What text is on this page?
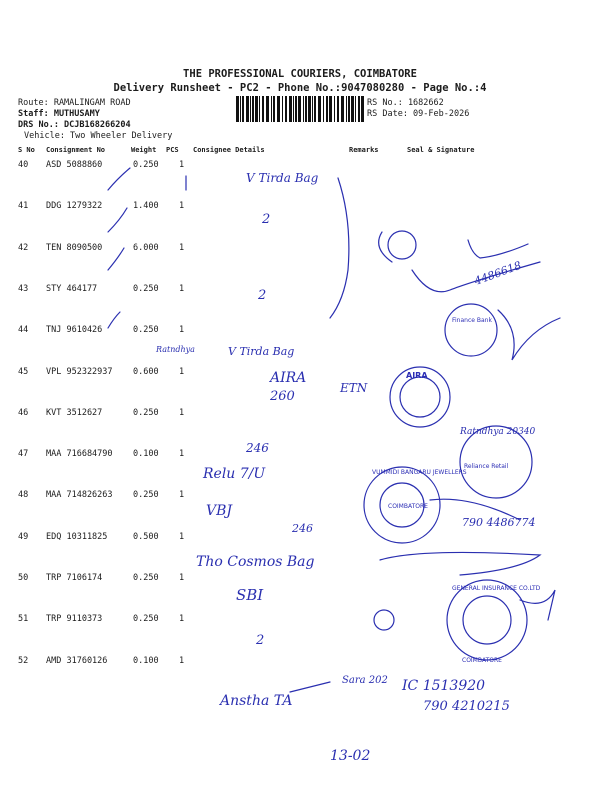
THE PROFESSIONAL COURIERS, COIMBATORE
Delivery Runsheet - PC2 - Phone No.:9047080280 - Page No.:4
Route: RAMALINGAM ROAD
Staff: MUTHUSAMY
DRS No.: DCJB168266204
Vehicle: Two Wheeler Delivery
RS No.: 1682662
RS Date: 09-Feb-2026
S No Consignment No	Weight PCS Consignee Details	Remarks	Seal & Signature
40 ASD 5088860	0.250 1
41 DDG 1279322	1.400 1
42 TEN 8090500	6.000 1
43 STY 464177	0.250 1
44 TNJ 9610426	0.250 1
45 VPL 952322937 0.600 1
46 KVT 3512627	0.250 1
47 MAA 716684790 0.100 1
48 MAA 714826263 0.250 1
49 EDQ 10311825	0.500 1
50 TRP 7106174	0.250 1
51 TRP 9110373	0.250 1
52 AMD 31760126	0.100 1
V Tirda Bag
2
2
V Tirda Bag
Ratndhya
AIRA
ETN
260
246
Relu 7/U
VBJ
246
Tho Cosmos Bag
SBI
2
Anstha TA
Sara 202 IC 1513920
790 4210215
Ratndhya 20340
13-02
4486618
790 4486774
AIRA
VUMMIDI BANGARU JEWELLERS
COIMBATORE
Reliance Retail
GENERAL INSURANCE CO.LTD
COIMBATORE
Finance Bank
